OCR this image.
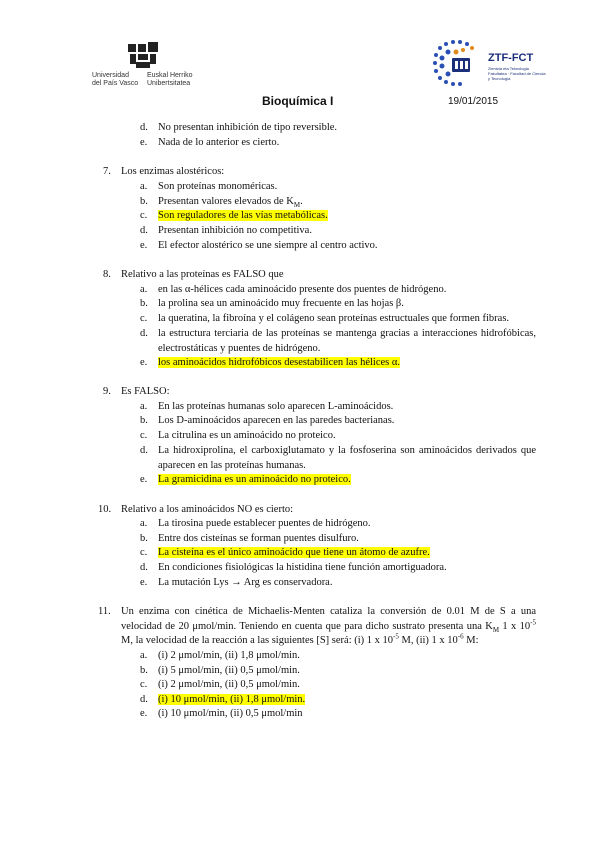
Universidad
del País Vasco
Euskal Herriko
Unibertsitatea
ZTF-FCT
Zientzia eta Teknologia Fakultatea · Facultad de Ciencia y Tecnología
Bioquímica I	19/01/2015
d. No presentan inhibición de tipo reversible.
e. Nada de lo anterior es cierto.
7. Los enzimas alostéricos:
a. Son proteínas monoméricas.
b. Presentan valores elevados de $K_M$.
c. Son reguladores de las vías metabólicas.
d. Presentan inhibición no competitiva.
e. El efector alostérico se une siempre al centro activo.
8. Relativo a las proteínas es FALSO que
a. en las α-hélices cada aminoácido presente dos puentes de hidrógeno.
b. la prolina sea un aminoácido muy frecuente en las hojas β.
c. la queratina, la fibroína y el colágeno sean proteínas estructuales que formen fibras.
d. la estructura terciaria de las proteínas se mantenga gracias a interacciones hidrofóbicas, electrostáticas y puentes de hidrógeno.
e. los aminoácidos hidrofóbicos desestabilicen las hélices α.
9. Es FALSO:
a. En las proteínas humanas solo aparecen L-aminoácidos.
b. Los D-aminoácidos aparecen en las paredes bacterianas.
c. La citrulina es un aminoácido no proteico.
d. La hidroxiprolina, el carboxiglutamato y la fosfoserina son aminoácidos derivados que aparecen en las proteínas humanas.
e. La gramicidina es un aminoácido no proteico.
10. Relativo a los aminoácidos NO es cierto:
a. La tirosina puede establecer puentes de hidrógeno.
b. Entre dos cisteínas se forman puentes disulfuro.
c. La cisteína es el único aminoácido que tiene un átomo de azufre.
d. En condiciones fisiológicas la histidina tiene función amortiguadora.
e. La mutación Lys → Arg es conservadora.
11. Un enzima con cinética de Michaelis-Menten cataliza la conversión de 0.01 M de S a una velocidad de 20 μmol/min. Teniendo en cuenta que para dicho sustrato presenta una $K_M$ 1 x $10^{-5}$ M, la velocidad de la reacción a las siguientes [S] será: (i) 1 x $10^{-5}$ M, (ii) 1 x $10^{-6}$ M:
a. (i) 2 μmol/min, (ii) 1,8 μmol/min.
b. (i) 5 μmol/min, (ii) 0,5 μmol/min.
c. (i) 2 μmol/min, (ii) 0,5 μmol/min.
d. (i) 10 μmol/min, (ii) 1,8 μmol/min.
e. (i) 10 μmol/min, (ii) 0,5 μmol/min
